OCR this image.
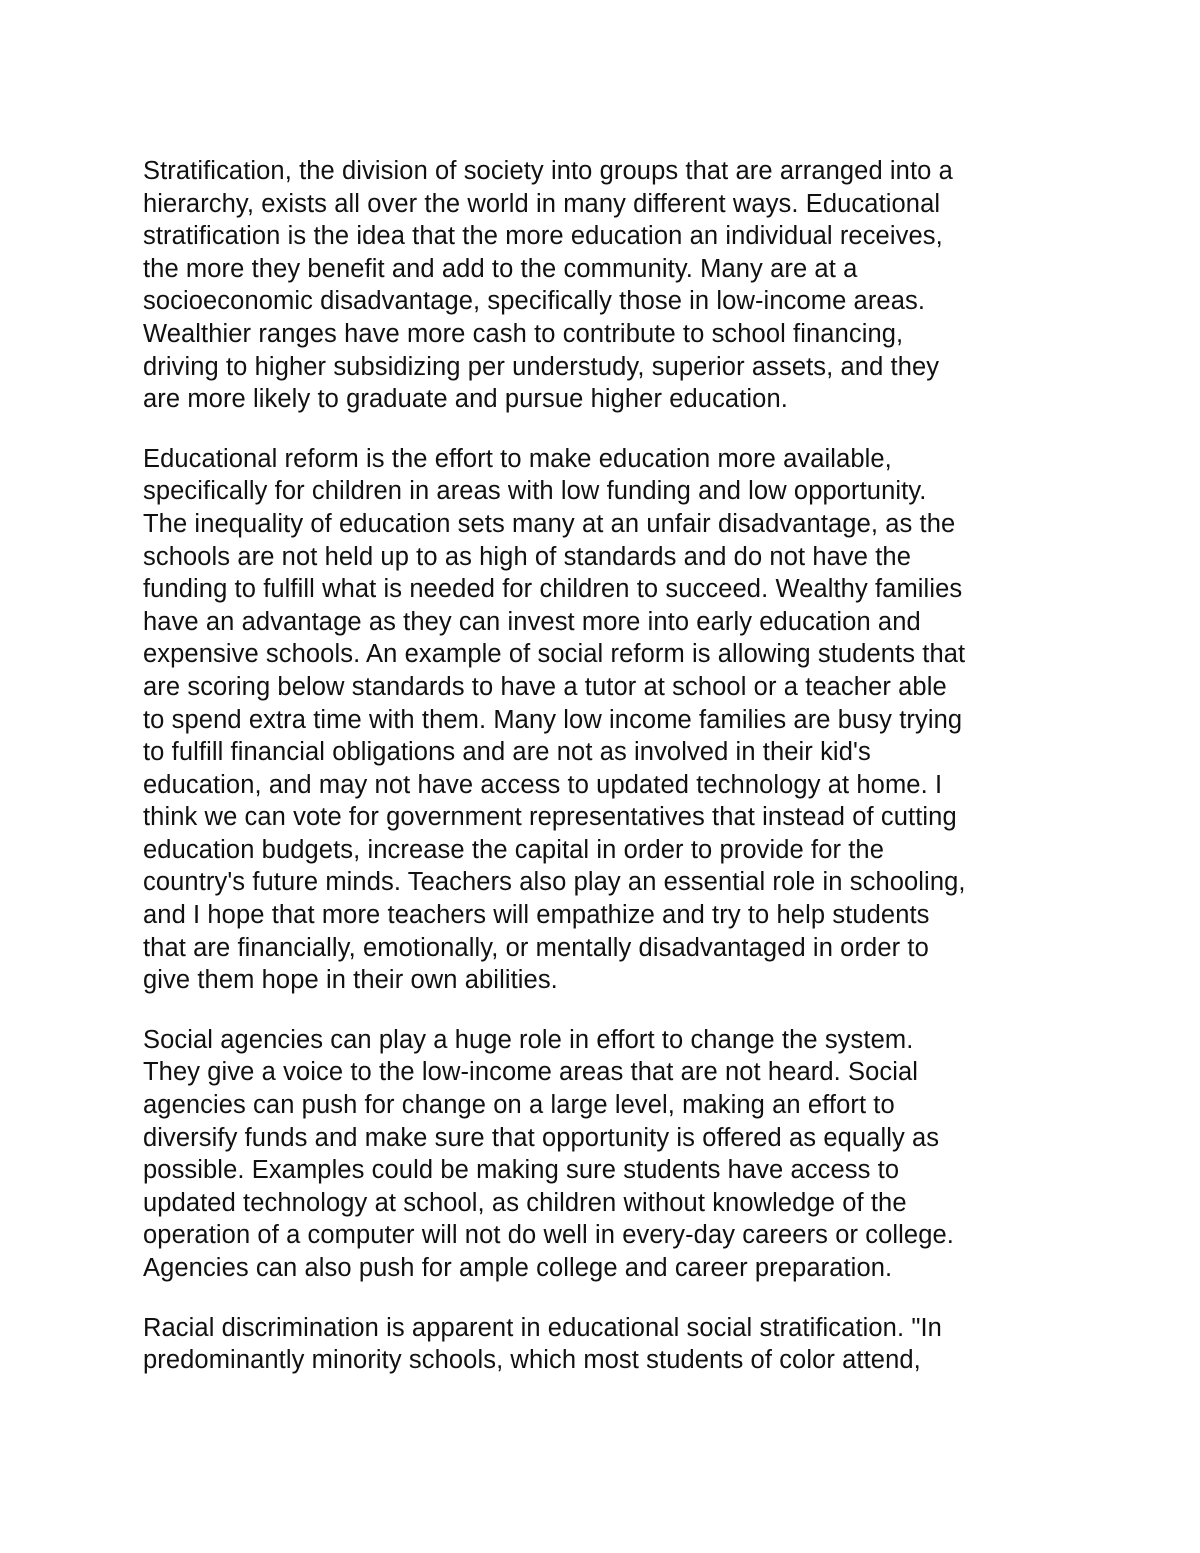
Stratification, the division of society into groups that are arranged into a
hierarchy, exists all over the world in many different ways. Educational
stratification is the idea that the more education an individual receives,
the more they benefit and add to the community. Many are at a
socioeconomic disadvantage, specifically those in low-income areas.
Wealthier ranges have more cash to contribute to school financing,
driving to higher subsidizing per understudy, superior assets, and they
are more likely to graduate and pursue higher education.

Educational reform is the effort to make education more available,
specifically for children in areas with low funding and low opportunity.
The inequality of education sets many at an unfair disadvantage, as the
schools are not held up to as high of standards and do not have the
funding to fulfill what is needed for children to succeed. Wealthy families
have an advantage as they can invest more into early education and
expensive schools. An example of social reform is allowing students that
are scoring below standards to have a tutor at school or a teacher able
to spend extra time with them. Many low income families are busy trying
to fulfill financial obligations and are not as involved in their kid's
education, and may not have access to updated technology at home. I
think we can vote for government representatives that instead of cutting
education budgets, increase the capital in order to provide for the
country's future minds. Teachers also play an essential role in schooling,
and I hope that more teachers will empathize and try to help students
that are financially, emotionally, or mentally disadvantaged in order to
give them hope in their own abilities.

Social agencies can play a huge role in effort to change the system.
They give a voice to the low-income areas that are not heard. Social
agencies can push for change on a large level, making an effort to
diversify funds and make sure that opportunity is offered as equally as
possible. Examples could be making sure students have access to
updated technology at school, as children without knowledge of the
operation of a computer will not do well in every-day careers or college.
Agencies can also push for ample college and career preparation.

Racial discrimination is apparent in educational social stratification. "In
predominantly minority schools, which most students of color attend,
